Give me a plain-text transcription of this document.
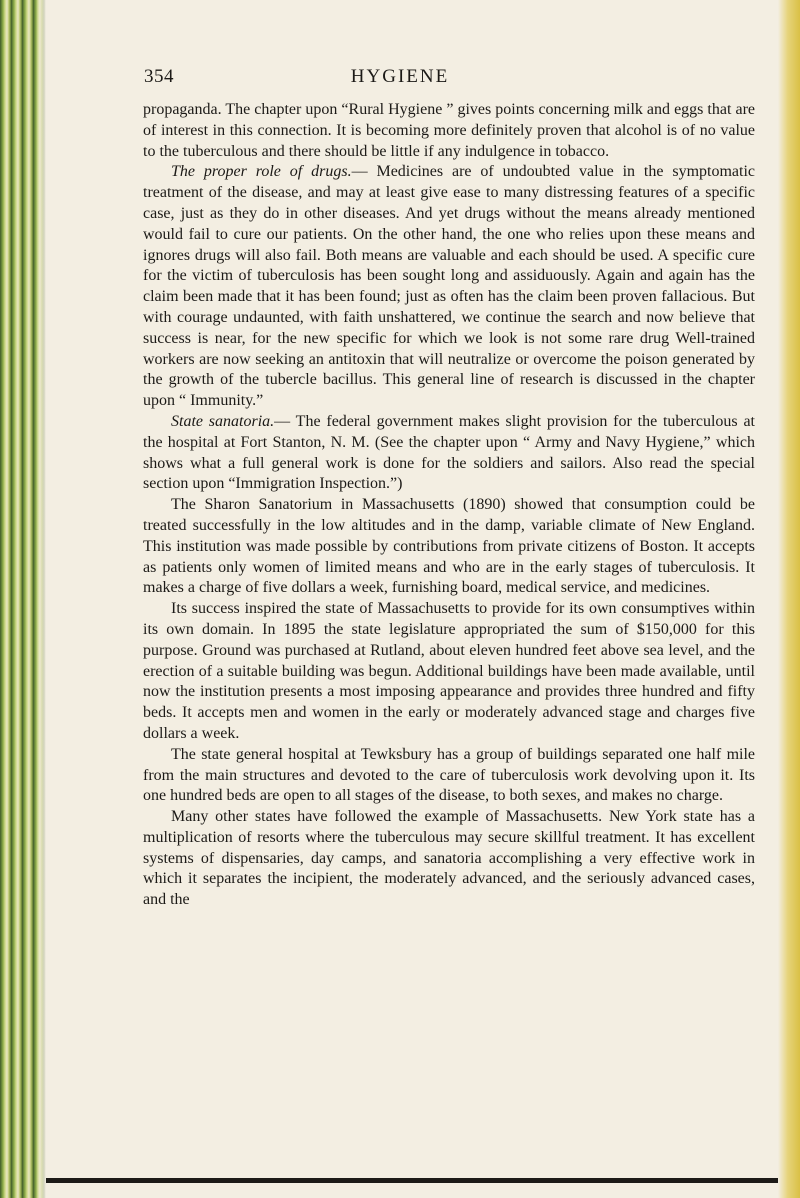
354	HYGIENE

propaganda. The chapter upon “Rural Hygiene ” gives points concerning milk and eggs that are of interest in this connection. It is becoming more definitely proven that alcohol is of no value to the tuberculous and there should be little if any indulgence in tobacco.

The proper role of drugs.— Medicines are of undoubted value in the symptomatic treatment of the disease, and may at least give ease to many distressing features of a specific case, just as they do in other diseases. And yet drugs without the means already mentioned would fail to cure our patients. On the other hand, the one who relies upon these means and ignores drugs will also fail. Both means are valuable and each should be used. A specific cure for the victim of tuberculosis has been sought long and assiduously. Again and again has the claim been made that it has been found; just as often has the claim been proven fallacious. But with courage undaunted, with faith unshattered, we continue the search and now believe that success is near, for the new specific for which we look is not some rare drug Well-trained workers are now seeking an antitoxin that will neutralize or overcome the poison generated by the growth of the tubercle bacillus. This general line of research is discussed in the chapter upon “ Immunity.”

State sanatoria.— The federal government makes slight provision for the tuberculous at the hospital at Fort Stanton, N. M. (See the chapter upon “ Army and Navy Hygiene,” which shows what a full general work is done for the soldiers and sailors. Also read the special section upon “Immigration Inspection.”)

The Sharon Sanatorium in Massachusetts (1890) showed that consumption could be treated successfully in the low altitudes and in the damp, variable climate of New England. This institution was made possible by contributions from private citizens of Boston. It accepts as patients only women of limited means and who are in the early stages of tuberculosis. It makes a charge of five dollars a week, furnishing board, medical service, and medicines.

Its success inspired the state of Massachusetts to provide for its own consumptives within its own domain. In 1895 the state legislature appropriated the sum of $150,000 for this purpose. Ground was purchased at Rutland, about eleven hundred feet above sea level, and the erection of a suitable building was begun. Additional buildings have been made available, until now the institution presents a most imposing appearance and provides three hundred and fifty beds. It accepts men and women in the early or moderately advanced stage and charges five dollars a week.

The state general hospital at Tewksbury has a group of buildings separated one half mile from the main structures and devoted to the care of tuberculosis work devolving upon it. Its one hundred beds are open to all stages of the disease, to both sexes, and makes no charge.

Many other states have followed the example of Massachusetts. New York state has a multiplication of resorts where the tuberculous may secure skillful treatment. It has excellent systems of dispensaries, day camps, and sanatoria accomplishing a very effective work in which it separates the incipient, the moderately advanced, and the seriously advanced cases, and the
